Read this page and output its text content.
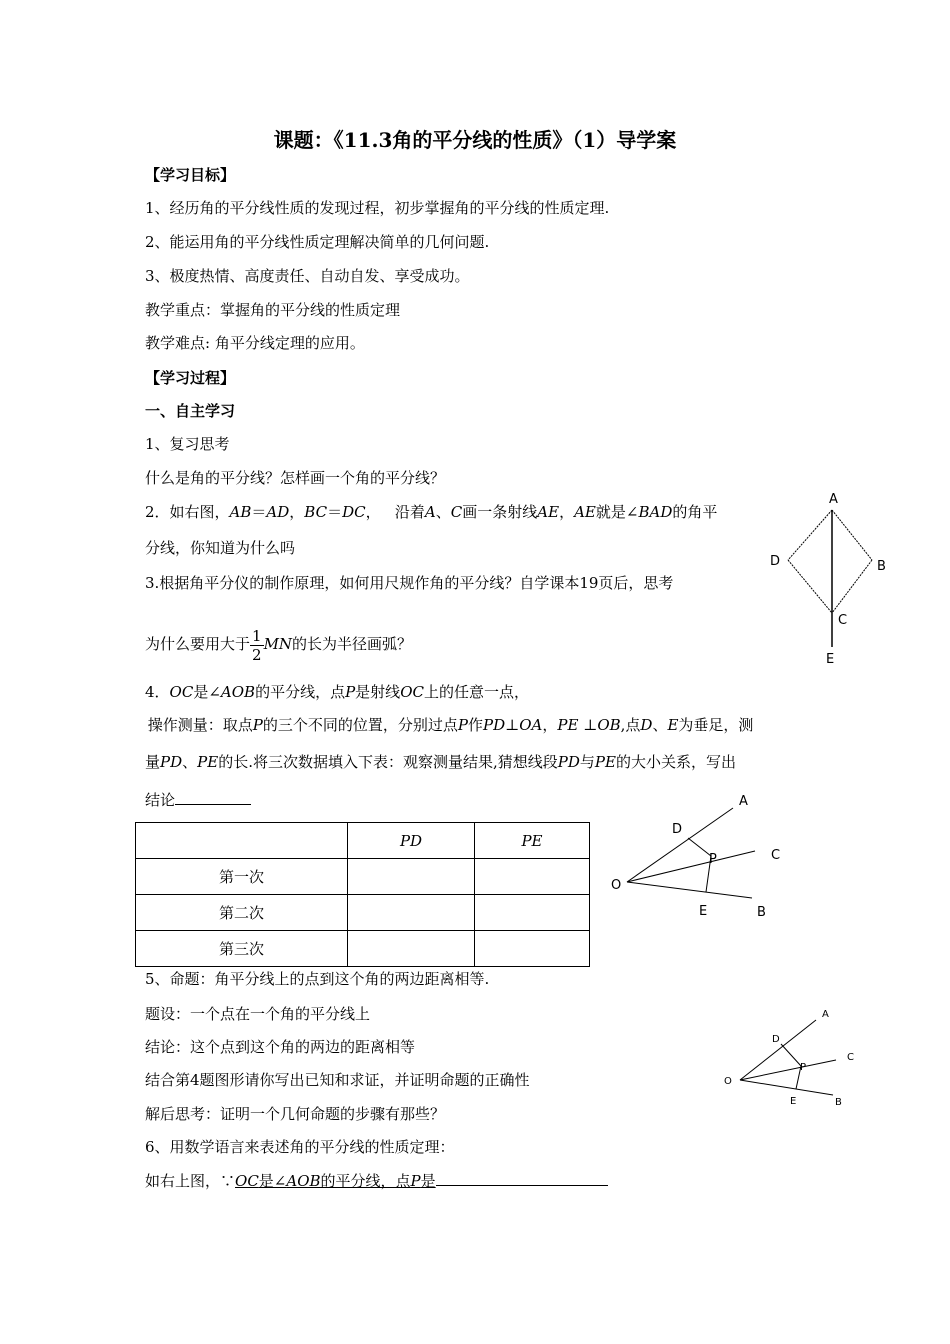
课题：《11.3角的平分线的性质》（1）导学案
【学习目标】
1、经历角的平分线性质的发现过程，初步掌握角的平分线的性质定理.
2、能运用角的平分线性质定理解决简单的几何问题.
3、极度热情、高度责任、自动自发、享受成功。
教学重点：掌握角的平分线的性质定理
教学难点: 角平分线定理的应用。
【学习过程】
一、自主学习
1、复习思考
什么是角的平分线？怎样画一个角的平分线？
2．如右图，AB＝AD，BC＝DC，   沿着A、C画一条射线AE，AE就是∠BAD的角平
分线，你知道为什么吗
3.根据角平分仪的制作原理，如何用尺规作角的平分线？自学课本19页后，思考
为什么要用大于 $\frac{1}{2}$ MN的长为半径画弧？
4．OC是∠AOB的平分线，点P是射线OC上的任意一点，
操作测量：取点P的三个不同的位置，分别过点P作PD⊥OA，PE ⊥OB,点D、E为垂足，测
量PD、PE的长.将三次数据填入下表：观察测量结果,猜想线段PD与PE的大小关系，写出
结论
	PD	PE
第一次		
第二次		
第三次		
5、命题：角平分线上的点到这个角的两边距离相等.
题设：一个点在一个角的平分线上
结论：这个点到这个角的两边的距离相等
结合第4题图形请你写出已知和求证，并证明命题的正确性
解后思考：证明一个几何命题的步骤有那些？
6、用数学语言来表述角的平分线的性质定理：
如右上图，∵OC是∠AOB的平分线，点P是
A
D	B
C
E
A
D
C
P
O
E	B
A
D
C
P
O
E	B
